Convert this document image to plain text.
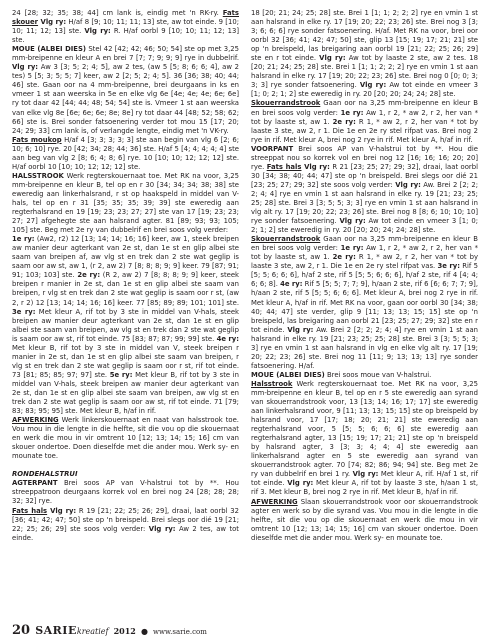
24 [28; 32; 35; 38; 44] cm lank is, eindig met 'n RK-ry. Fats skouer Vlg ry: H/af 8 [9; 10; 11; 11; 13] ste, aw tot einde. 9 [10; 10; 11; 12; 13] ste. Vlg ry: R. H/af oorbl 9 [10; 10; 11; 12; 13] ste.

MOUE (ALBEI DIES) Stel 42 [42; 42; 46; 50; 54] ste op met 3,25 mm-breipenne en kleur A en brei 7 [7; 7; 9; 9; 9] rye in dubbelrif. Vlg ry: Aw 3 [3; 5; 2; 4; 5], aw 2 tes, (aw 5 [5; 8; 6; 6; 4], aw 2 tes) 5 [5; 3; 5; 5; 7] keer, aw 2 [2; 5; 2; 4; 5]. 36 [36; 38; 40; 44; 46] ste. Gaan oor na 4 mm-breipenne, brei deurgaans in ks en vmeer 1 st aan weerska in 5e en elke vlg 6e [4e; 4e; 4e; 6e; 6e] ry tot daar 42 [44; 44; 48; 54; 54] ste is. Vmeer 1 st aan weerska van elke vlg 8e [6e; 6e; 6e; 8e; 8e] ry tot daar 44 [48; 52; 58; 62; 66] ste is. Brei sonder fatsoenering verder tot mou 15 [17; 20; 24; 29; 33] cm lank is, of verlangde lengte, eindig met 'n VK-ry.

Fats moukop H/af 4 [3; 3; 3; 3; 3] ste aan begin van vlg 6 [2; 6; 10; 6; 10] rye. 20 [42; 34; 28; 44; 36] ste. H/af 5 [4; 4; 4; 4; 4] ste aan beg van vlg 2 [8; 6; 4; 8; 6] rye. 10 [10; 10; 12; 12; 12] ste. H/af oorbl 10 [10; 10; 12; 12; 12] ste.

HALSSTROOK Werk regterskouernaat toe. Met RK na voor, 3,25 mm-breipenne en kleur B, tel op en r 30 [34; 34; 34; 38; 38] ste eweredig aan linkerhalsrand, r st op haakspeld in middel van V-hals, tel op en r 31 [35; 35; 35; 39; 39] ste eweredig aan regterhalsrand en 19 [19; 23; 23; 27; 27] ste van 17 [19; 23; 23; 27; 27] afgehegte ste aan halsrand agter. 81 [89; 93; 93; 105; 105] ste. Beg met 2e ry van dubbelrif en brei soos volg verder:

1e ry: (Aw2, r2) 12 [13; 14; 14; 16; 16] keer, aw 1, steek breipen aw manier deur agterkant van 2e st, dan 1e st en glip albei ste saam van breipen af, aw vlg st en trek dan 2 ste wat geglip is saam oor aw st, aw 1, (r 2, aw 2) 7 [8; 8; 8; 9; 9] keer. 79 [87; 91; 91; 103; 103] ste. 2e ry: (R 2, aw 2) 7 [8; 8; 8; 9; 9] keer, steek breipen r manier in 2e st, dan 1e st en glip albei ste saam van breipen, r vlg st en trek dan 2 ste wat geglip is saam oor r st, (aw 2, r 2) 12 [13; 14; 14; 16; 16] keer. 77 [85; 89; 89; 101; 101] ste. 3e ry: Met kleur A, rif tot by 3 ste in middel van V-hals, steek breipen aw manier deur agterkant van 2e st, dan 1e st en glip albei ste saam van breipen, aw vlg st en trek dan 2 ste wat geglip is saam oor aw st, rif tot einde. 75 [83; 87; 87; 99; 99] ste. 4e ry: Met kleur B, rif tot by 3 ste in middel van V, steek breipen r manier in 2e st, dan 1e st en glip albei ste saam van breipen, r vlg st en trek dan 2 ste wat geglip is saam oor r st, rif tot einde. 73 [81; 85; 85; 97; 97] ste. 5e ry: Met kleur B, rif tot by 3 ste in middel van V-hals, steek breipen aw manier deur agterkant van 2e st, dan 1e st en glip albei ste saam van breipen, aw vlg st en trek dan 2 ste wat geglip is saam oor aw st, rif tot einde. 71 [79; 83; 83; 95; 95] ste. Met kleur B, h/af in rif.

AFWERKING Werk linkerskouernaat en naat van halsstrook toe. Vou mou in die lengte in die helfte, sit die vou op die skouernaat en werk die mou in vir omtrent 10 [12; 13; 14; 15; 16] cm van skouer ondertoe. Doen dieselfde met die ander mou. Werk sy- en mounate toe.

RONDEHALSTRUI

AGTERPANT Brei soos AP van V-halstrui tot by **. Hou streeppatroon deurgaans korrek vol en brei nog 24 [28; 28; 28; 32; 32] rye.

Fats hals Vlg ry: R 19 [21; 22; 25; 26; 29], draai, laat oorbl 32 [36; 41; 42; 47; 50] ste op 'n breispeld. Brei slegs oor dié 19 [21; 22; 25; 26; 29] ste soos volg verder: Vlg ry: Aw 2 tes, aw tot einde.

18 [20; 21; 24; 25; 28] ste. Brei 1 [1; 1; 2; 2; 2] rye en vmin 1 st aan halsrand in elke ry. 17 [19; 20; 22; 23; 26] ste. Brei nog 3 [3; 3; 6; 6; 6] rye sonder fatsoenering. H/af. Met RK na voor, brei oor oorbl 32 [36; 41; 42; 47; 50] ste, glip 13 [15; 19; 17; 21; 21] ste op 'n breispeld, las breigaring aan oorbl 19 [21; 22; 25; 26; 29] ste en r tot einde. Vlg ry: Aw tot by laaste 2 ste, aw 2 tes. 18 [20; 21; 24; 25; 28] ste. Brei 1 [1; 1; 2; 2; 2] rye en vmin 1 st aan halsrand in elke ry. 17 [19; 20; 22; 23; 26] ste. Brei nog 0 [0; 0; 3; 3; 3] rye sonder fatsoenering. Vlg ry: Aw tot einde en vmeer 3 [1; 0; 2; 1; 2] ste eweredig in ry. 20 [20; 20; 24; 24; 28] ste.

Skouerrandstrook Gaan oor na 3,25 mm-breipenne en kleur B en brei soos volg verder: 1e ry: Aw 1, r 2, * aw 2, r 2, her van * tot by laaste st, aw 1. 2e ry: R 1, * aw 2, r 2, her van * tot by laaste 3 ste, aw 2, r 1. Die 1e en 2e ry stel rifpat vas. Brei nog 2 rye in rif. Met kleur A, brei nog 2 rye in rif. Met kleur A, h/af in rif.

VOORPANT Brei soos AP van V-halstrui tot by **. Hou die streeppat nou so korrek vol en brei nog 12 [16; 16; 16; 20; 20] rye. Fats hals Vlg ry: R 21 [23; 25; 27; 29; 32], draai, laat oorbl 30 [34; 38; 40; 44; 47] ste op 'n breispeld. Brei slegs oor dié 21 [23; 25; 27; 29; 32] ste soos volg verder: Vlg ry: Aw. Brei 2 [2; 2; 2; 4; 4] rye en vmin 1 st aan halsrand in elke ry. 19 [21; 23; 25; 25; 28] ste. Brei 3 [3; 5; 5; 3; 3] rye en vmin 1 st aan halsrand in vlg alt ry. 17 [19; 20; 22; 23; 26] ste. Brei nog 8 [8; 6; 10; 10; 10] rye sonder fatsoenering. Vlg ry: Aw tot einde en vmeer 3 [1; 0; 2; 1; 2] ste eweredig in ry. 20 [20; 20; 24; 24; 28] ste.

Skouerrandstrook Gaan oor na 3,25 mm-breipenne en kleur B en brei soos volg verder: 1e ry: Aw 1, r 2, * aw 2, r 2, her van * tot by laaste st, aw 1. 2e ry: R 1, * aw 2, r 2, her van * tot by laaste 3 ste, aw 2, r 1. Die 1e en 2e ry stel rifpat vas. 3e ry: Rif 5 [5; 5; 6; 6; 6], h/af 2 ste, rif 5 [5; 5; 6; 6; 6], h/af 2 ste, rif 4 [4; 4; 6; 6; 8]. 4e ry: Rif 5 [5; 5; 7; 7; 9], h/aan 2 ste, rif 6 [6; 6; 7; 7; 9], h/aan 2 ste, rif 5 [5; 5; 6; 6; 6]. Met kleur A, brei nog 2 rye in rif. Met kleur A, h/af in rif. Met RK na voor, gaan oor oorbl 30 [34; 38; 40; 44; 47] ste verder, glip 9 [11; 13; 13; 15; 15] ste op 'n breispeld, las breigaring aan oorbl 21 [23; 25; 27; 29; 32] ste en r tot einde. Vlg ry: Aw. Brei 2 [2; 2; 2; 4; 4] rye en vmin 1 st aan halsrand in elke ry. 19 [21; 23; 25; 25; 28] ste. Brei 3 [3; 5; 5; 3; 3] rye en vmin 1 st aan halsrand in vlg en elke vlg alt ry. 17 [19; 20; 22; 23; 26] ste. Brei nog 11 [11; 9; 13; 13; 13] rye sonder fatsoenering. H/af.

MOUE (ALBEI DIES) Brei soos moue van V-halstrui.

Halsstrook Werk regterskouernaat toe. Met RK na voor, 3,25 mm-breipenne en kleur B, tel op en r 5 ste eweredig aan syrand van skouerrandstrook voor, 13 [13; 14; 16; 17; 17] ste eweredig aan linkerhalsrand voor, 9 [11; 13; 13; 15; 15] ste op breispeld by halsrand voor, 17 [17; 18; 20; 21; 21] ste eweredig aan regterhalsrand voor, 5 [5; 5; 6; 6; 6] ste eweredig aan regterhalsrand agter, 13 [15; 19; 17; 21; 21] ste op 'n breispeld by halsrand agter, 3 [3; 3; 4; 4; 4] ste eweredig aan linkerhalsrand agter en 5 ste eweredig aan syrand van skouerrandstrook agter. 70 [74; 82; 86; 94; 94] ste. Beg met 2e ry van dubbelrif en brei 1 ry. Vlg ry: Met kleur A, rif. H/af 1 st, rif tot einde. Vlg ry: Met kleur A, rif tot by laaste 3 ste, h/aan 1 st, rif 3. Met kleur B, brei nog 2 rye in rif. Met kleur B, h/af in rif.

AFWERKING Slaan skouerrandstrook voor oor skouerrandstrook agter en werk so by die syrand vas. Vou mou in die lengte in die helfte, sit die vou op die skouernaat en werk die mou in vir omtrent 10 [12; 13; 14; 15; 16] cm van skouer ondertoe. Doen dieselfde met die ander mou. Werk sy- en mounate toe.

20 SARIEkreatief 2012 ● www.sarie.com
